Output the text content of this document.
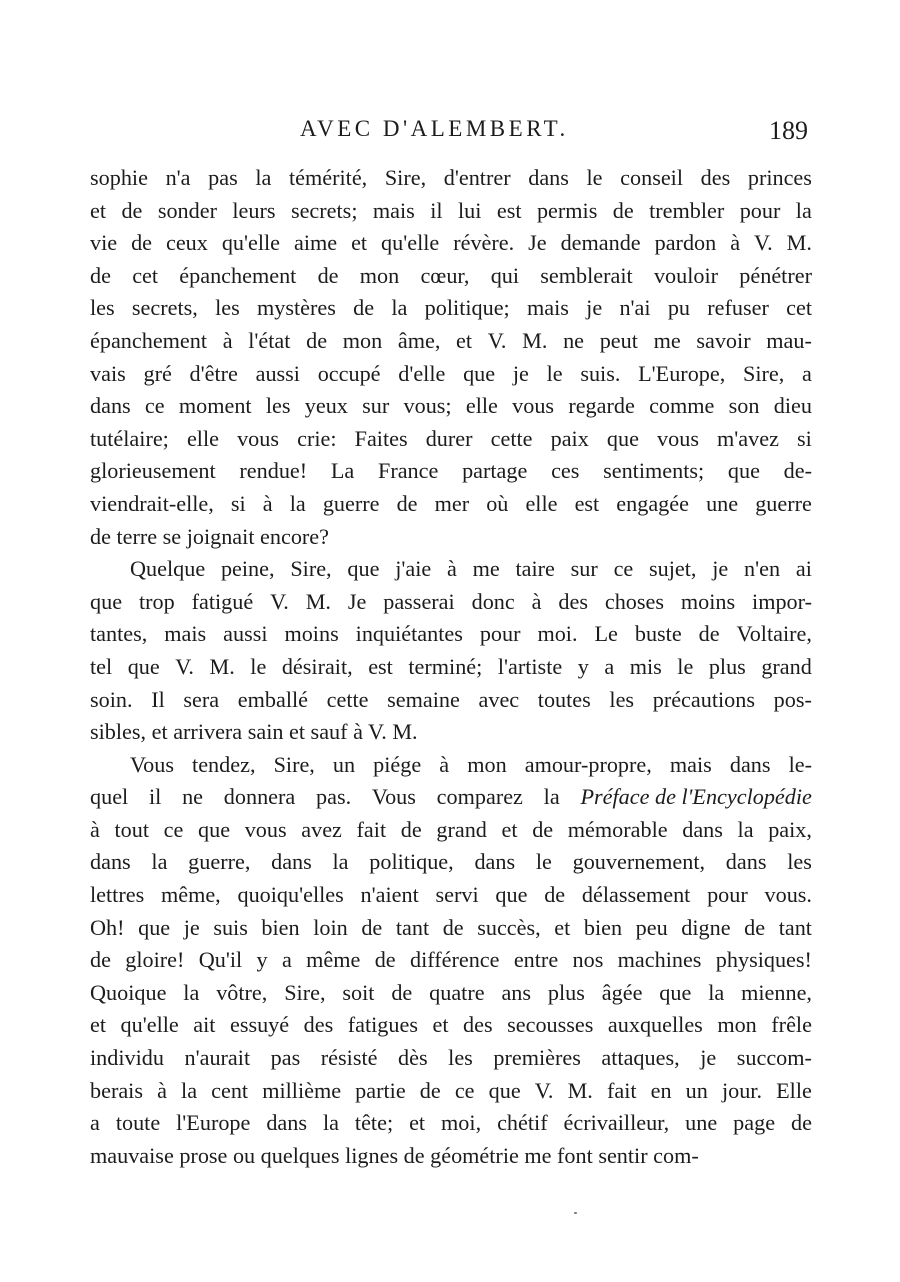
AVEC D'ALEMBERT.	189
sophie n'a pas la témérité, Sire, d'entrer dans le conseil des princes
et de sonder leurs secrets; mais il lui est permis de trembler pour la
vie de ceux qu'elle aime et qu'elle révère. Je demande pardon à V. M.
de cet épanchement de mon cœur, qui semblerait vouloir pénétrer
les secrets, les mystères de la politique; mais je n'ai pu refuser cet
épanchement à l'état de mon âme, et V. M. ne peut me savoir mau-
vais gré d'être aussi occupé d'elle que je le suis. L'Europe, Sire, a
dans ce moment les yeux sur vous; elle vous regarde comme son dieu
tutélaire; elle vous crie: Faites durer cette paix que vous m'avez si
glorieusement rendue! La France partage ces sentiments; que de-
viendrait-elle, si à la guerre de mer où elle est engagée une guerre
de terre se joignait encore?
Quelque peine, Sire, que j'aie à me taire sur ce sujet, je n'en ai
que trop fatigué V. M. Je passerai donc à des choses moins impor-
tantes, mais aussi moins inquiétantes pour moi. Le buste de Voltaire,
tel que V. M. le désirait, est terminé; l'artiste y a mis le plus grand
soin. Il sera emballé cette semaine avec toutes les précautions pos-
sibles, et arrivera sain et sauf à V. M.
Vous tendez, Sire, un piége à mon amour-propre, mais dans le-
quel il ne donnera pas. Vous comparez la Préface de l'Encyclopédie
à tout ce que vous avez fait de grand et de mémorable dans la paix,
dans la guerre, dans la politique, dans le gouvernement, dans les
lettres même, quoiqu'elles n'aient servi que de délassement pour vous.
Oh! que je suis bien loin de tant de succès, et bien peu digne de tant
de gloire! Qu'il y a même de différence entre nos machines physiques!
Quoique la vôtre, Sire, soit de quatre ans plus âgée que la mienne,
et qu'elle ait essuyé des fatigues et des secousses auxquelles mon frêle
individu n'aurait pas résisté dès les premières attaques, je succom-
berais à la cent millième partie de ce que V. M. fait en un jour. Elle
a toute l'Europe dans la tête; et moi, chétif écrivailleur, une page de
mauvaise prose ou quelques lignes de géométrie me font sentir com-
